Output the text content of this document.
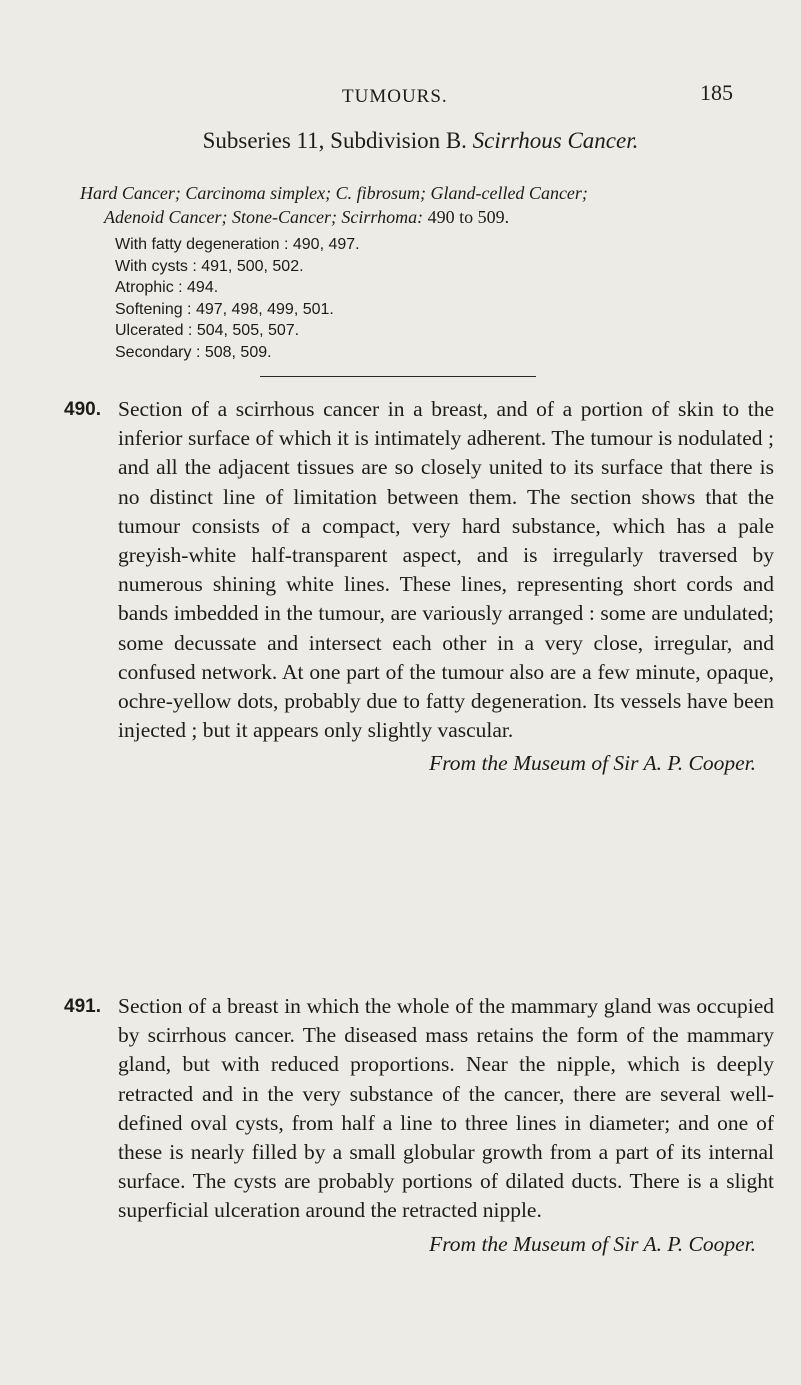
TUMOURS.	185
Subseries 11, Subdivision B. Scirrhous Cancer.
Hard Cancer; Carcinoma simplex; C. fibrosum; Gland-celled Cancer;
Adenoid Cancer; Stone-Cancer; Scirrhoma: 490 to 509.
With fatty degeneration : 490, 497.
With cysts : 491, 500, 502.
Atrophic : 494.
Softening : 497, 498, 499, 501.
Ulcerated : 504, 505, 507.
Secondary : 508, 509.
490. Section of a scirrhous cancer in a breast, and of a portion of skin to the inferior surface of which it is intimately adherent. The tumour is nodulated ; and all the adjacent tissues are so closely united to its surface that there is no distinct line of limitation between them. The section shows that the tumour consists of a compact, very hard substance, which has a pale greyish-white half-transparent aspect, and is irregularly traversed by numerous shining white lines. These lines, representing short cords and bands imbedded in the tumour, are variously arranged : some are undulated; some decussate and intersect each other in a very close, irregular, and confused network. At one part of the tumour also are a few minute, opaque, ochre-yellow dots, probably due to fatty degeneration. Its vessels have been injected ; but it appears only slightly vascular.
From the Museum of Sir A. P. Cooper.
491. Section of a breast in which the whole of the mammary gland was occupied by scirrhous cancer. The diseased mass retains the form of the mammary gland, but with reduced proportions. Near the nipple, which is deeply retracted and in the very substance of the cancer, there are several well-defined oval cysts, from half a line to three lines in diameter; and one of these is nearly filled by a small globular growth from a part of its internal surface. The cysts are probably portions of dilated ducts. There is a slight superficial ulceration around the retracted nipple.
From the Museum of Sir A. P. Cooper.
